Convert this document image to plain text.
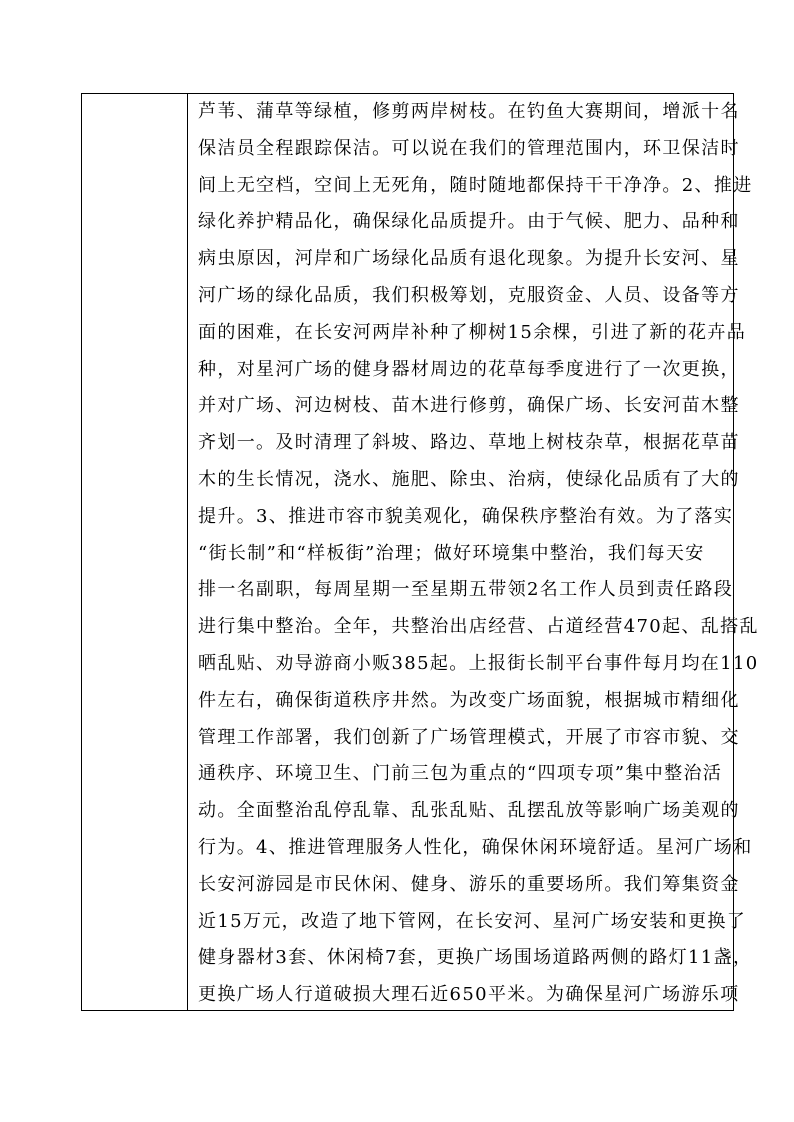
芦苇、蒲草等绿植，修剪两岸树枝。在钓鱼大赛期间，增派十名
保洁员全程跟踪保洁。可以说在我们的管理范围内，环卫保洁时
间上无空档，空间上无死角，随时随地都保持干干净净。2、推进
绿化养护精品化，确保绿化品质提升。由于气候、肥力、品种和
病虫原因，河岸和广场绿化品质有退化现象。为提升长安河、星
河广场的绿化品质，我们积极筹划，克服资金、人员、设备等方
面的困难，在长安河两岸补种了柳树15余棵，引进了新的花卉品
种，对星河广场的健身器材周边的花草每季度进行了一次更换，
并对广场、河边树枝、苗木进行修剪，确保广场、长安河苗木整
齐划一。及时清理了斜坡、路边、草地上树枝杂草，根据花草苗
木的生长情况，浇水、施肥、除虫、治病，使绿化品质有了大的
提升。3、推进市容市貌美观化，确保秩序整治有效。为了落实
“街长制”和“样板街”治理；做好环境集中整治，我们每天安
排一名副职，每周星期一至星期五带领2名工作人员到责任路段
进行集中整治。全年，共整治出店经营、占道经营470起、乱搭乱
晒乱贴、劝导游商小贩385起。上报街长制平台事件每月均在110
件左右，确保街道秩序井然。为改变广场面貌，根据城市精细化
管理工作部署，我们创新了广场管理模式，开展了市容市貌、交
通秩序、环境卫生、门前三包为重点的“四项专项”集中整治活
动。全面整治乱停乱靠、乱张乱贴、乱摆乱放等影响广场美观的
行为。4、推进管理服务人性化，确保休闲环境舒适。星河广场和
长安河游园是市民休闲、健身、游乐的重要场所。我们筹集资金
近15万元，改造了地下管网，在长安河、星河广场安装和更换了
健身器材3套、休闲椅7套，更换广场围场道路两侧的路灯11盏，
更换广场人行道破损大理石近650平米。为确保星河广场游乐项
